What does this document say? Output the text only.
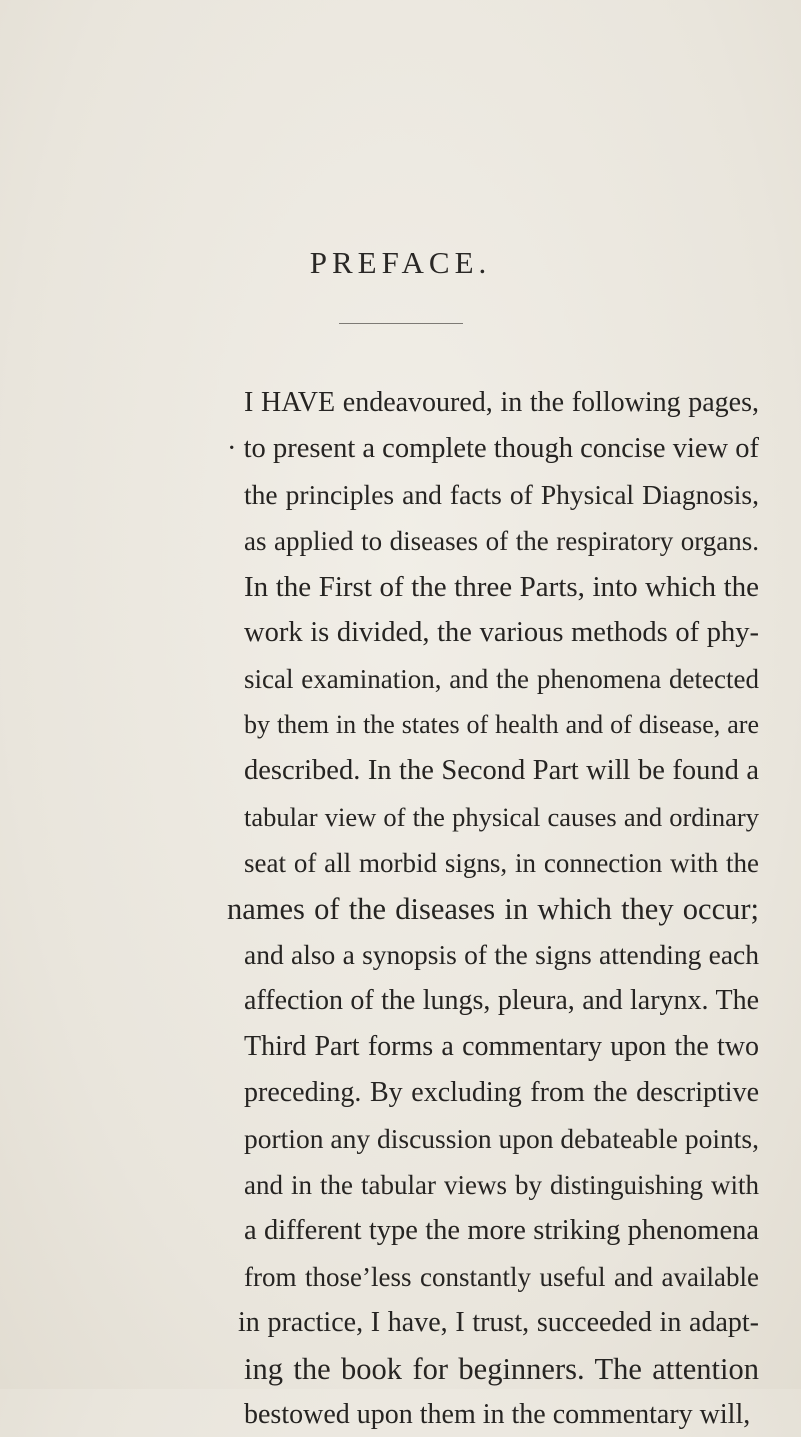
PREFACE.
I HAVE endeavoured, in the following pages,
· to present a complete though concise view of
the principles and facts of Physical Diagnosis,
as applied to diseases of the respiratory organs.
In the First of the three Parts, into which the
work is divided, the various methods of phy-
sical examination, and the phenomena detected
by them in the states of health and of disease, are
described. In the Second Part will be found a
tabular view of the physical causes and ordinary
seat of all morbid signs, in connection with the
names of the diseases in which they occur;
and also a synopsis of the signs attending each
affection of the lungs, pleura, and larynx. The
Third Part forms a commentary upon the two
preceding. By excluding from the descriptive
portion any discussion upon debateable points,
and in the tabular views by distinguishing with
a different type the more striking phenomena
from those’less constantly useful and available
in practice, I have, I trust, succeeded in adapt-
ing the book for beginners. The attention
bestowed upon them in the commentary will,
